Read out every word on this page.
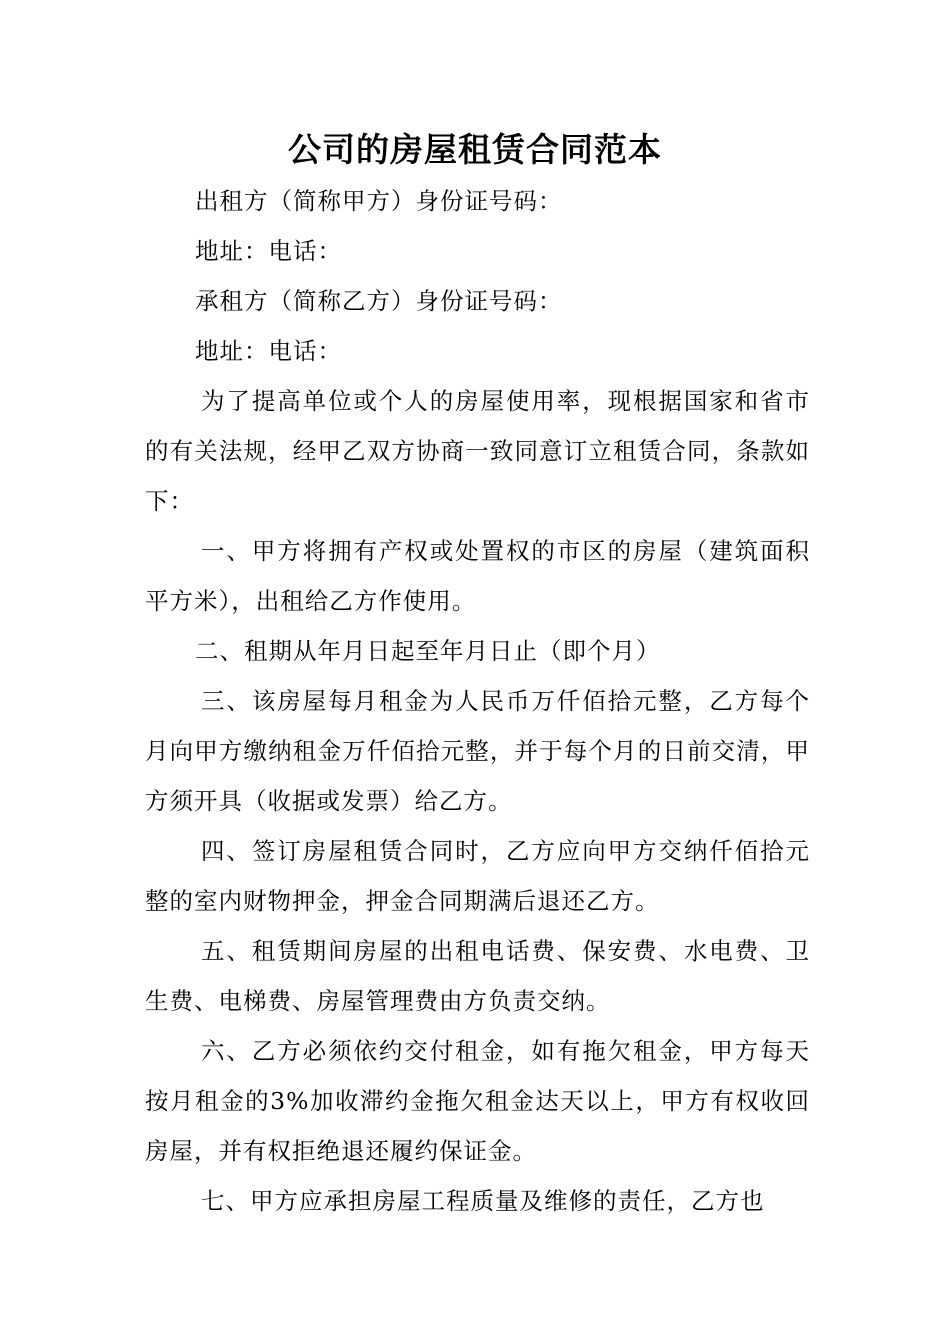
公司的房屋租赁合同范本

出租方（简称甲方）身份证号码：

地址：电话：

承租方（简称乙方）身份证号码：

地址：电话：

为了提高单位或个人的房屋使用率，现根据国家和省市的有关法规，经甲乙双方协商一致同意订立租赁合同，条款如下：

一、甲方将拥有产权或处置权的市区的房屋（建筑面积平方米），出租给乙方作使用。

二、租期从年月日起至年月日止（即个月）

三、该房屋每月租金为人民币万仟佰拾元整，乙方每个月向甲方缴纳租金万仟佰拾元整，并于每个月的日前交清，甲方须开具（收据或发票）给乙方。

四、签订房屋租赁合同时，乙方应向甲方交纳仟佰拾元整的室内财物押金，押金合同期满后退还乙方。

五、租赁期间房屋的出租电话费、保安费、水电费、卫生费、电梯费、房屋管理费由方负责交纳。

六、乙方必须依约交付租金，如有拖欠租金，甲方每天按月租金的3%加收滞约金拖欠租金达天以上，甲方有权收回房屋，并有权拒绝退还履约保证金。

七、甲方应承担房屋工程质量及维修的责任，乙方也
